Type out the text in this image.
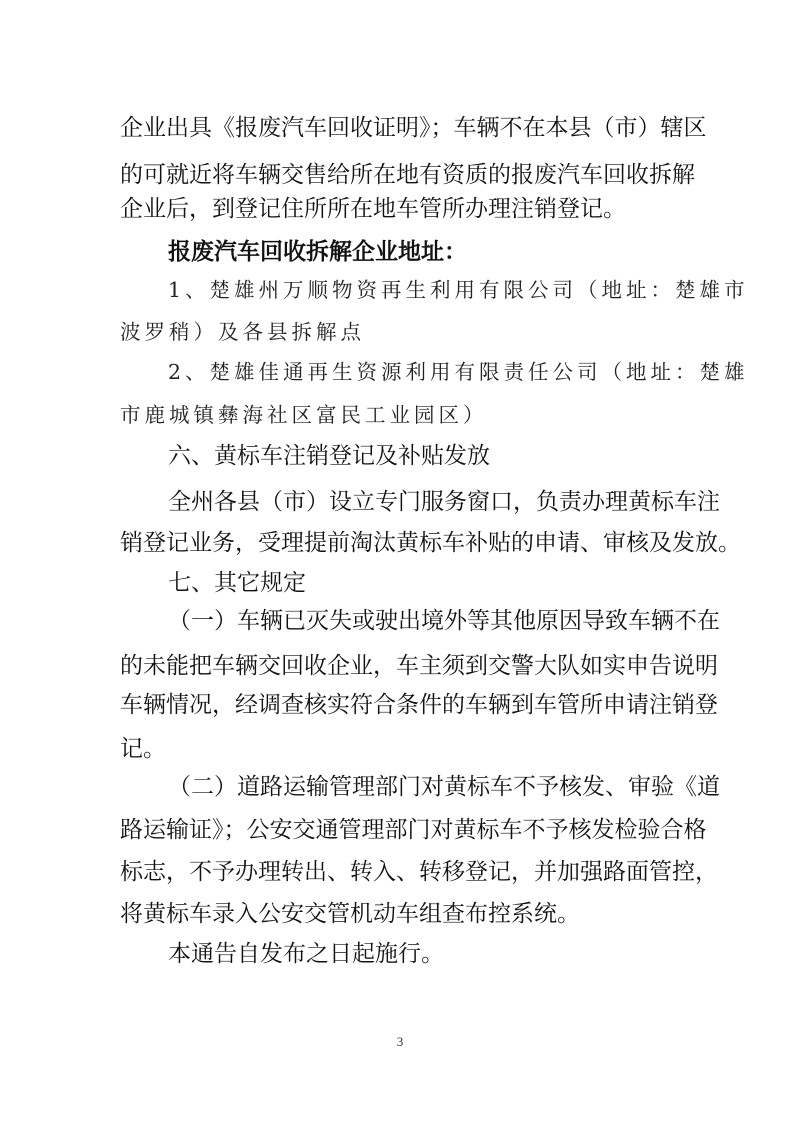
企业出具《报废汽车回收证明》；车辆不在本县（市）辖区
的可就近将车辆交售给所在地有资质的报废汽车回收拆解
企业后，到登记住所所在地车管所办理注销登记。
报废汽车回收拆解企业地址：
1、楚雄州万顺物资再生利用有限公司（地址：楚雄市
波罗稍）及各县拆解点
2、楚雄佳通再生资源利用有限责任公司（地址：楚雄
市鹿城镇彝海社区富民工业园区）
六、黄标车注销登记及补贴发放
全州各县（市）设立专门服务窗口，负责办理黄标车注
销登记业务，受理提前淘汰黄标车补贴的申请、审核及发放。
七、其它规定
（一）车辆已灭失或驶出境外等其他原因导致车辆不在
的未能把车辆交回收企业，车主须到交警大队如实申告说明
车辆情况，经调查核实符合条件的车辆到车管所申请注销登
记。
（二）道路运输管理部门对黄标车不予核发、审验《道
路运输证》；公安交通管理部门对黄标车不予核发检验合格
标志，不予办理转出、转入、转移登记，并加强路面管控，
将黄标车录入公安交管机动车组查布控系统。
本通告自发布之日起施行。
3
